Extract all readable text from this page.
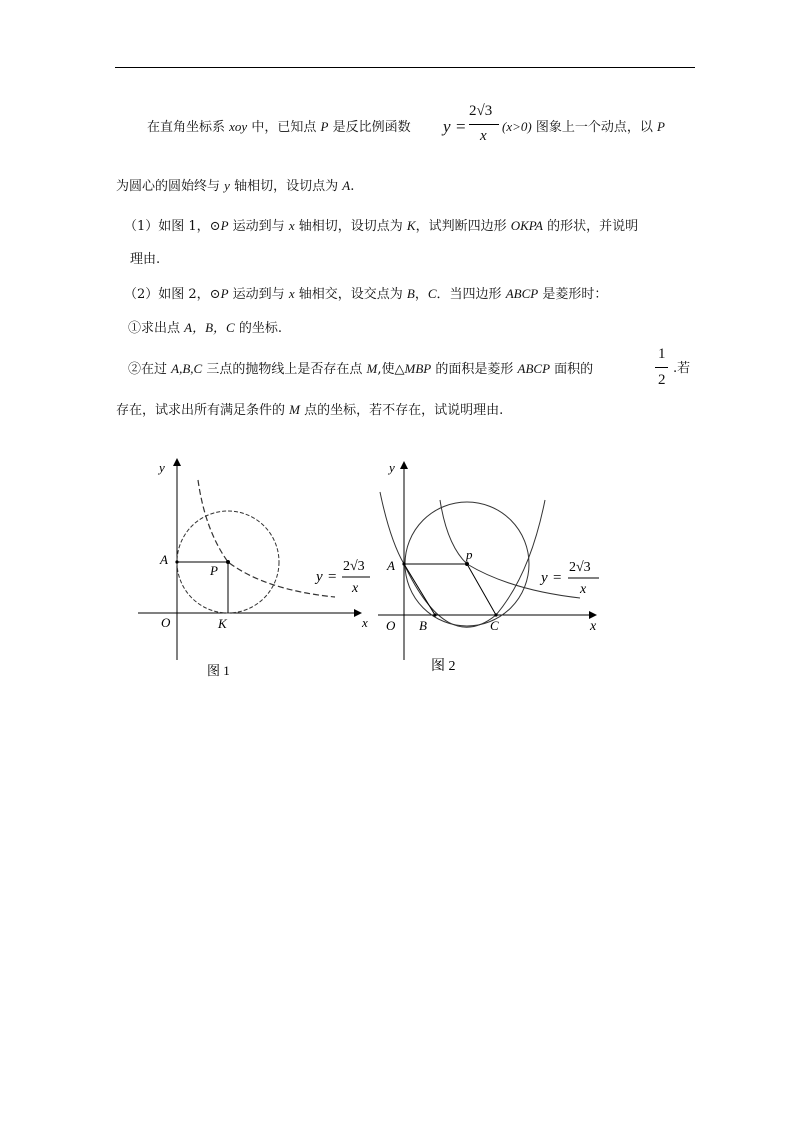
在直角坐标系 xoy 中，已知点 P 是反比例函数 y =
2√3
x
(x>0) 图象上一个动点，以 P
为圆心的圆始终与 y 轴相切，设切点为 A.
（1）如图 1，⊙P 运动到与 x 轴相切，设切点为 K，试判断四边形 OKPA 的形状，并说明
理由.
（2）如图 2，⊙P 运动到与 x 轴相交，设交点为 B，C．当四边形 ABCP 是菱形时：
①求出点 A，B，C 的坐标.
②在过 A,B,C 三点的抛物线上是否存在点 M,使△MBP 的面积是菱形 ABCP 面积的
1
2
.若
存在，试求出所有满足条件的 M 点的坐标，若不存在，试说明理由.
y
x
O
A
P
K
y =
2√3
x
图 1
y
x
O
A
p
B	C
y =
2√3
x
图 2
